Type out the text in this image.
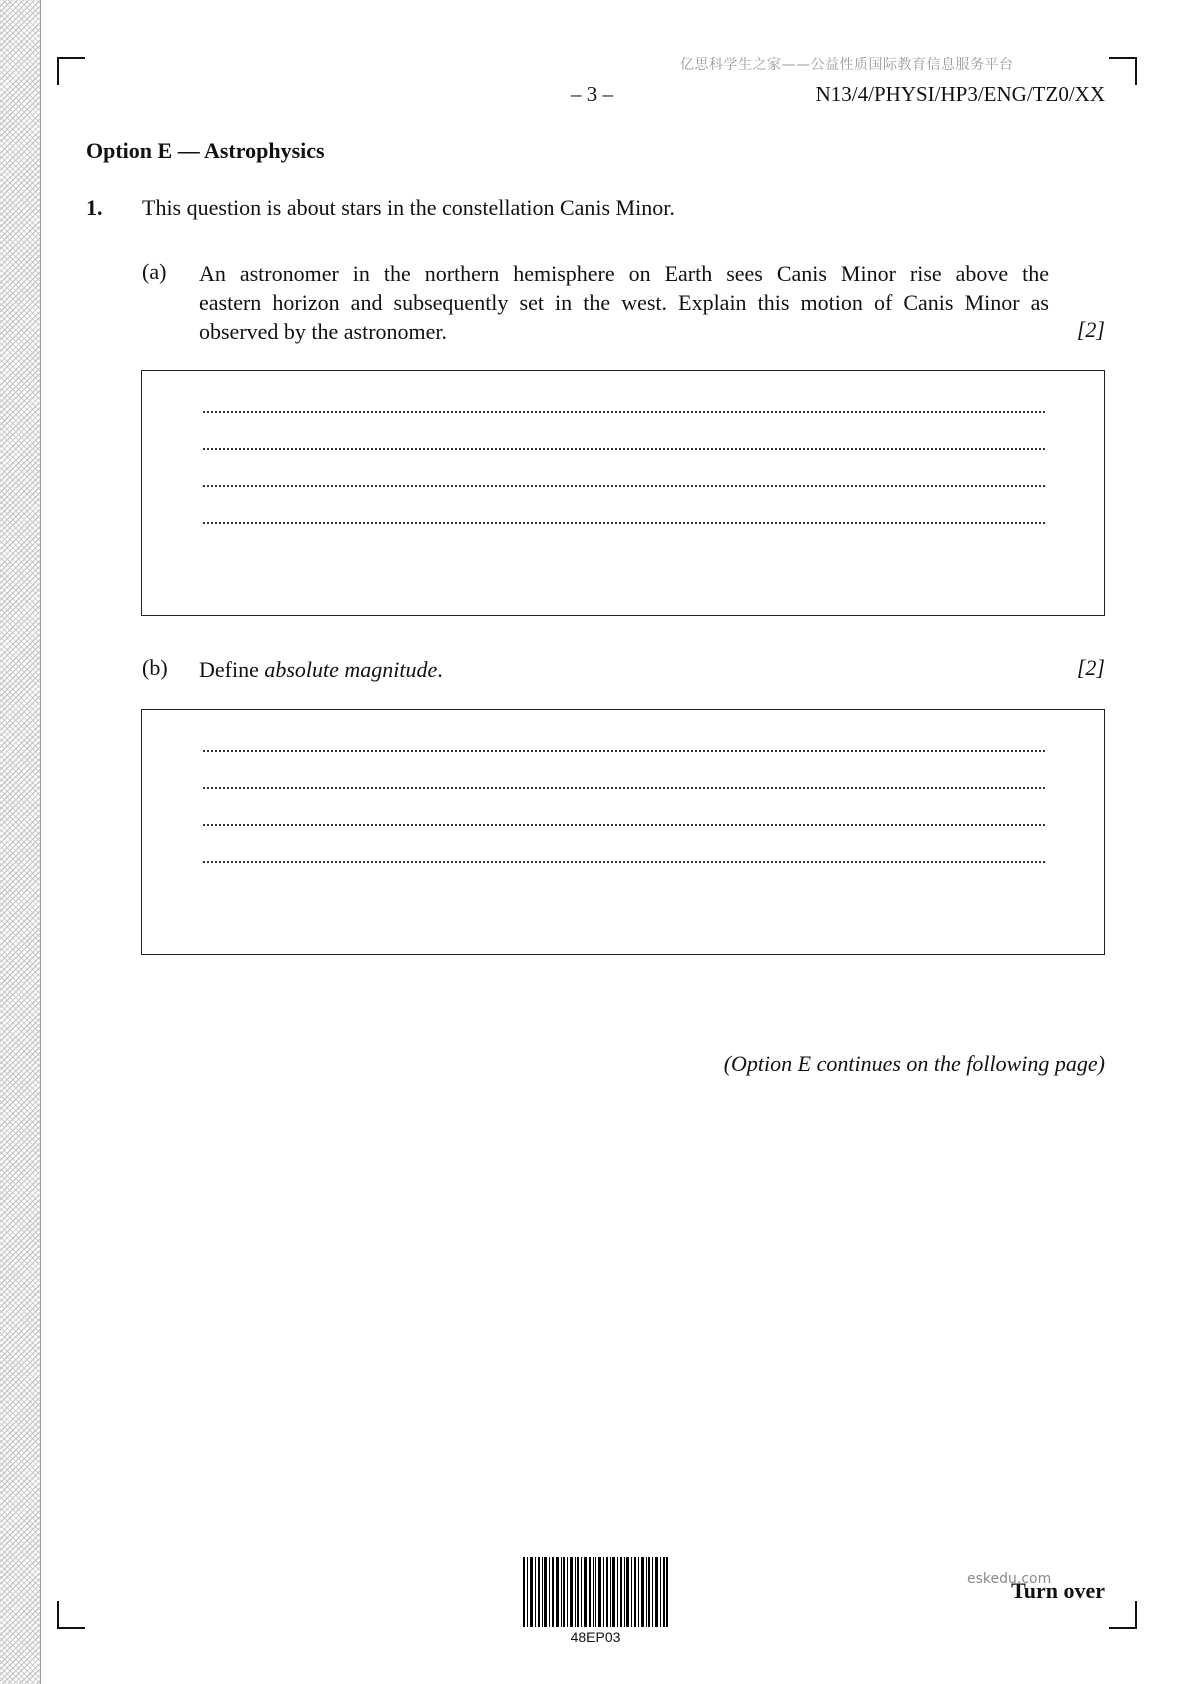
亿思科学生之家——公益性质国际教育信息服务平台
– 3 –	N13/4/PHYSI/HP3/ENG/TZ0/XX
Option E — Astrophysics
1. This question is about stars in the constellation Canis Minor.
(a) An astronomer in the northern hemisphere on Earth sees Canis Minor rise above the
eastern horizon and subsequently set in the west. Explain this motion of Canis Minor as
observed by the astronomer.	[2]
(b) Define absolute magnitude.	[2]
(Option E continues on the following page)
48EP03
Turn over
eskedu.com
